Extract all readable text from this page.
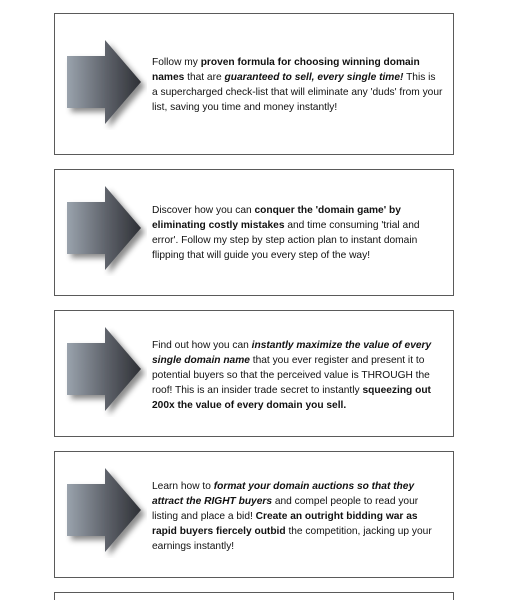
Follow my proven formula for choosing winning domain names that are guaranteed to sell, every single time! This is a supercharged check-list that will eliminate any 'duds' from your list, saving you time and money instantly!
Discover how you can conquer the 'domain game' by eliminating costly mistakes and time consuming 'trial and error'. Follow my step by step action plan to instant domain flipping that will guide you every step of the way!
Find out how you can instantly maximize the value of every single domain name that you ever register and present it to potential buyers so that the perceived value is THROUGH the roof! This is an insider trade secret to instantly squeezing out 200x the value of every domain you sell.
Learn how to format your domain auctions so that they attract the RIGHT buyers and compel people to read your listing and place a bid! Create an outright bidding war as rapid buyers fiercely outbid the competition, jacking up your earnings instantly!
